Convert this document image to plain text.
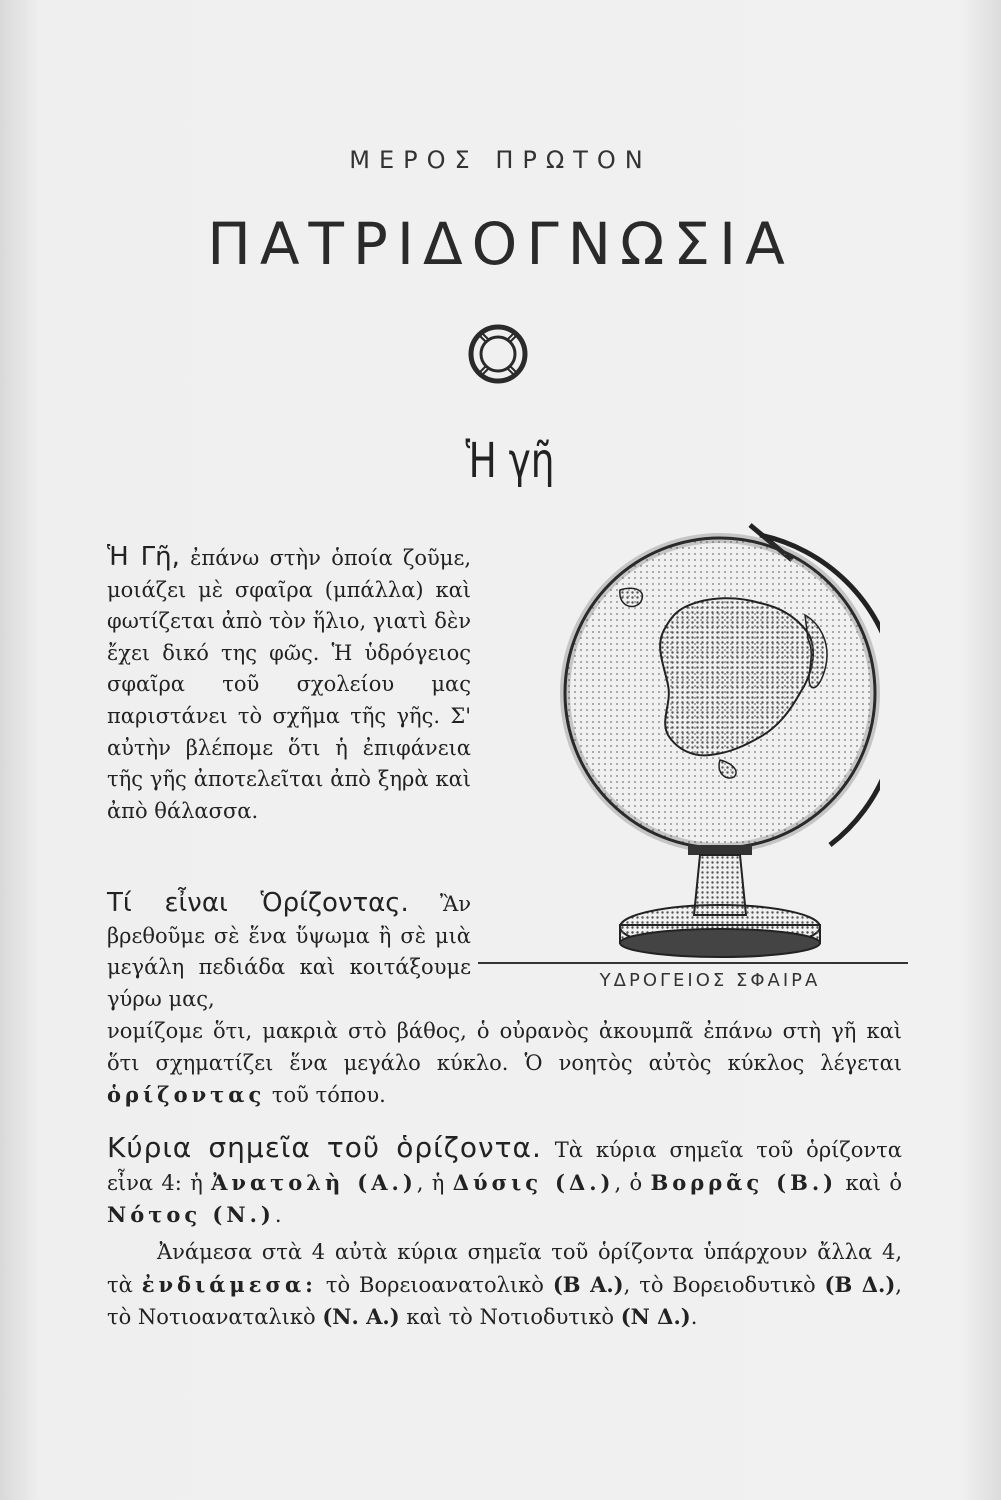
ΜΕΡΟΣ ΠΡΩΤΟΝ
ΠΑΤΡΙΔΟΓΝΩΣΙΑ
Ἡ γῆ

Ἡ Γῆ, ἐπάνω στὴν ὁποία ζοῦμε, μοιάζει μὲ σφαῖρα (μπάλλα) καὶ φωτίζεται ἀπὸ τὸν ἥλιο, γιατὶ δὲν ἔχει δικό της φῶς. Ἡ ὑδρόγειος σφαῖρα τοῦ σχολείου μας παριστάνει τὸ σχῆμα τῆς γῆς. Σ' αὐτὴν βλέπομε ὅτι ἡ ἐπιφάνεια τῆς γῆς ἀποτελεῖται ἀπὸ ξηρὰ καὶ ἀπὸ θάλασσα.

ΥΔΡΟΓΕΙΟΣ ΣΦΑΙΡΑ

Τί εἶναι Ὁρίζοντας. Ἂν βρεθοῦμε σὲ ἕνα ὕψωμα ἢ σὲ μιὰ μεγάλη πεδιάδα καὶ κοιτάξουμε γύρω μας,

νομίζομε ὅτι, μακριὰ στὸ βάθος, ὁ οὐρανὸς ἀκουμπᾶ ἐπάνω στὴ γῆ καὶ ὅτι σχηματίζει ἕνα μεγάλο κύκλο. Ὁ νοητὸς αὐτὸς κύκλος λέγεται ὁρίζοντας τοῦ τόπου.

Κύρια σημεῖα τοῦ ὁρίζοντα. Τὰ κύρια σημεῖα τοῦ ὁρίζοντα εἶνα 4: ἡ Ἀνατολὴ (Α.), ἡ Δύσις (Δ.), ὁ Βορρᾶς (Β.) καὶ ὁ Νότος (Ν.).

Ἀνάμεσα στὰ 4 αὐτὰ κύρια σημεῖα τοῦ ὁρίζοντα ὑπάρχουν ἄλλα 4, τὰ ἐνδιάμεσα: τὸ Βορειοανατολικὸ (Β Α.), τὸ Βορειοδυτικὸ (Β Δ.), τὸ Νοτιοαναταλικὸ (Ν. Α.) καὶ τὸ Νοτιοδυτικὸ (Ν Δ.).
